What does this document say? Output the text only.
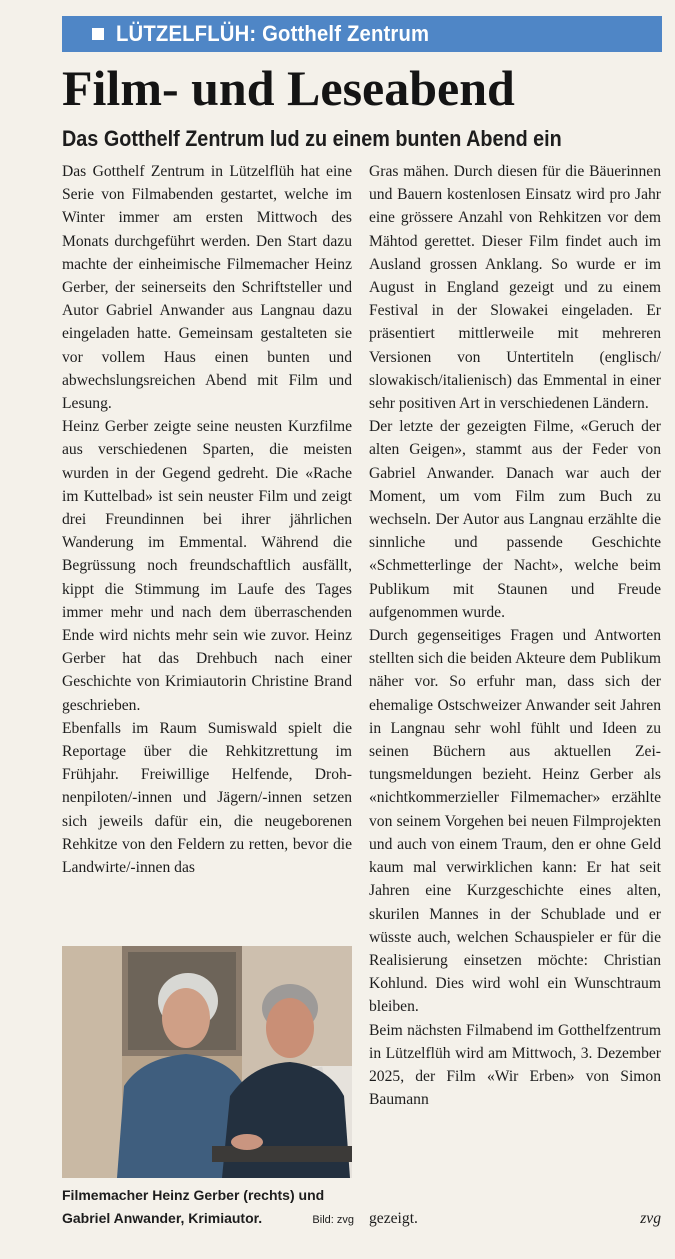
LÜTZELFLÜH: Gotthelf Zentrum
Film- und Leseabend
Das Gotthelf Zentrum lud zu einem bunten Abend ein

Das Gotthelf Zentrum in Lützelflüh hat eine Serie von Filmabenden gestartet, welche im Winter immer am ersten Mittwoch des Monats durchgeführt werden. Den Start dazu machte der einheimische Filmemacher Heinz Gerber, der seinerseits den Schriftsteller und Autor Gabriel Anwander aus Langnau dazu eingeladen hatte. Gemeinsam gestalteten sie vor vollem Haus einen bunten und abwechslungsreichen Abend mit Film und Lesung.

Heinz Gerber zeigte seine neusten Kurzfilme aus verschiedenen Sparten, die meisten wurden in der Gegend gedreht. Die «Rache im Kuttelbad» ist sein neuster Film und zeigt drei Freundinnen bei ihrer jährlichen Wanderung im Emmental. Während die Begrüssung noch freundschaftlich ausfällt, kippt die Stimmung im Laufe des Tages immer mehr und nach dem überraschenden Ende wird nichts mehr sein wie zuvor. Heinz Gerber hat das Drehbuch nach einer Geschichte von Krimiautorin Christine Brand geschrieben.

Ebenfalls im Raum Sumiswald spielt die Reportage über die Rehkitzrettung im Frühjahr. Freiwillige Helfende, Drohnenpiloten/-innen und Jägern/-innen setzen sich jeweils dafür ein, die neugeborenen Rehkitze von den Feldern zu retten, bevor die Landwirte/-innen das

Filmemacher Heinz Gerber (rechts) und
Gabriel Anwander, Krimiautor.	Bild: zvg

Gras mähen. Durch diesen für die Bäuerinnen und Bauern kostenlosen Einsatz wird pro Jahr eine grössere Anzahl von Rehkitzen vor dem Mähtod gerettet. Dieser Film findet auch im Ausland grossen Anklang. So wurde er im August in England gezeigt und zu einem Festival in der Slowakei eingeladen. Er präsentiert mittlerweile mit mehreren Versionen von Untertiteln (englisch/ slowakisch/italienisch) das Emmental in einer sehr positiven Art in verschiedenen Ländern.

Der letzte der gezeigten Filme, «Geruch der alten Geigen», stammt aus der Feder von Gabriel Anwander. Danach war auch der Moment, um vom Film zum Buch zu wechseln. Der Autor aus Langnau erzählte die sinnliche und passende Geschichte «Schmetterlinge der Nacht», welche beim Publikum mit Staunen und Freude aufgenommen wurde.

Durch gegenseitiges Fragen und Antworten stellten sich die beiden Akteure dem Publikum näher vor. So erfuhr man, dass sich der ehemalige Ostschweizer Anwander seit Jahren in Langnau sehr wohl fühlt und Ideen zu seinen Büchern aus aktuellen Zeitungsmeldungen bezieht. Heinz Gerber als «nichtkommerzieller Filmemacher» erzählte von seinem Vorgehen bei neuen Filmprojekten und auch von einem Traum, den er ohne Geld kaum mal verwirklichen kann: Er hat seit Jahren eine Kurzgeschichte eines alten, skurilen Mannes in der Schublade und er wüsste auch, welchen Schauspieler er für die Realisierung einsetzen möchte: Christian Kohlund. Dies wird wohl ein Wunschtraum bleiben.

Beim nächsten Filmabend im Gotthelfzentrum in Lützelflüh wird am Mittwoch, 3. Dezember 2025, der Film «Wir Erben» von Simon Baumann

gezeigt.	zvg
